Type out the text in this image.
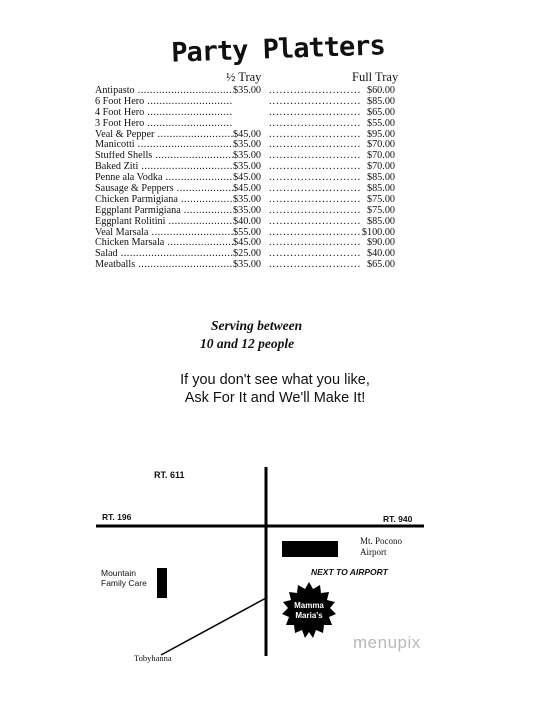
Party Platters
½ Tray	Full Tray
Antipasto .....	$35.00 .....	$60.00
6 Foot Hero ..... .....	$85.00
4 Foot Hero ..... .....	$65.00
3 Foot Hero ..... .....	$55.00
Veal & Pepper .....	$45.00 .....	$95.00
Manicotti .....	$35.00 .....	$70.00
Stuffed Shells .....	$35.00 .....	$70.00
Baked Ziti .....	$35.00 .....	$70.00
Penne ala Vodka .....	$45.00 .....	$85.00
Sausage & Peppers .....	$45.00 .....	$85.00
Chicken Parmigiana .....	$35.00 .....	$75.00
Eggplant Parmigiana .....	$35.00 .....	$75.00
Eggplant Rolitini .....	$40.00 .....	$85.00
Veal Marsala .....	$55.00 .....	$100.00
Chicken Marsala .....	$45.00 .....	$90.00
Salad .....	$25.00 .....	$40.00
Meatballs .....	$35.00 .....	$65.00
Serving between
10 and 12 people
If you don't see what you like,
Ask For It and We'll Make It!
RT. 611
RT. 196	RT. 940
Mt. Pocono Airport
NEXT TO AIRPORT
Mountain Family Care
Mamma
Maria's
Tobyhanna
menupix
